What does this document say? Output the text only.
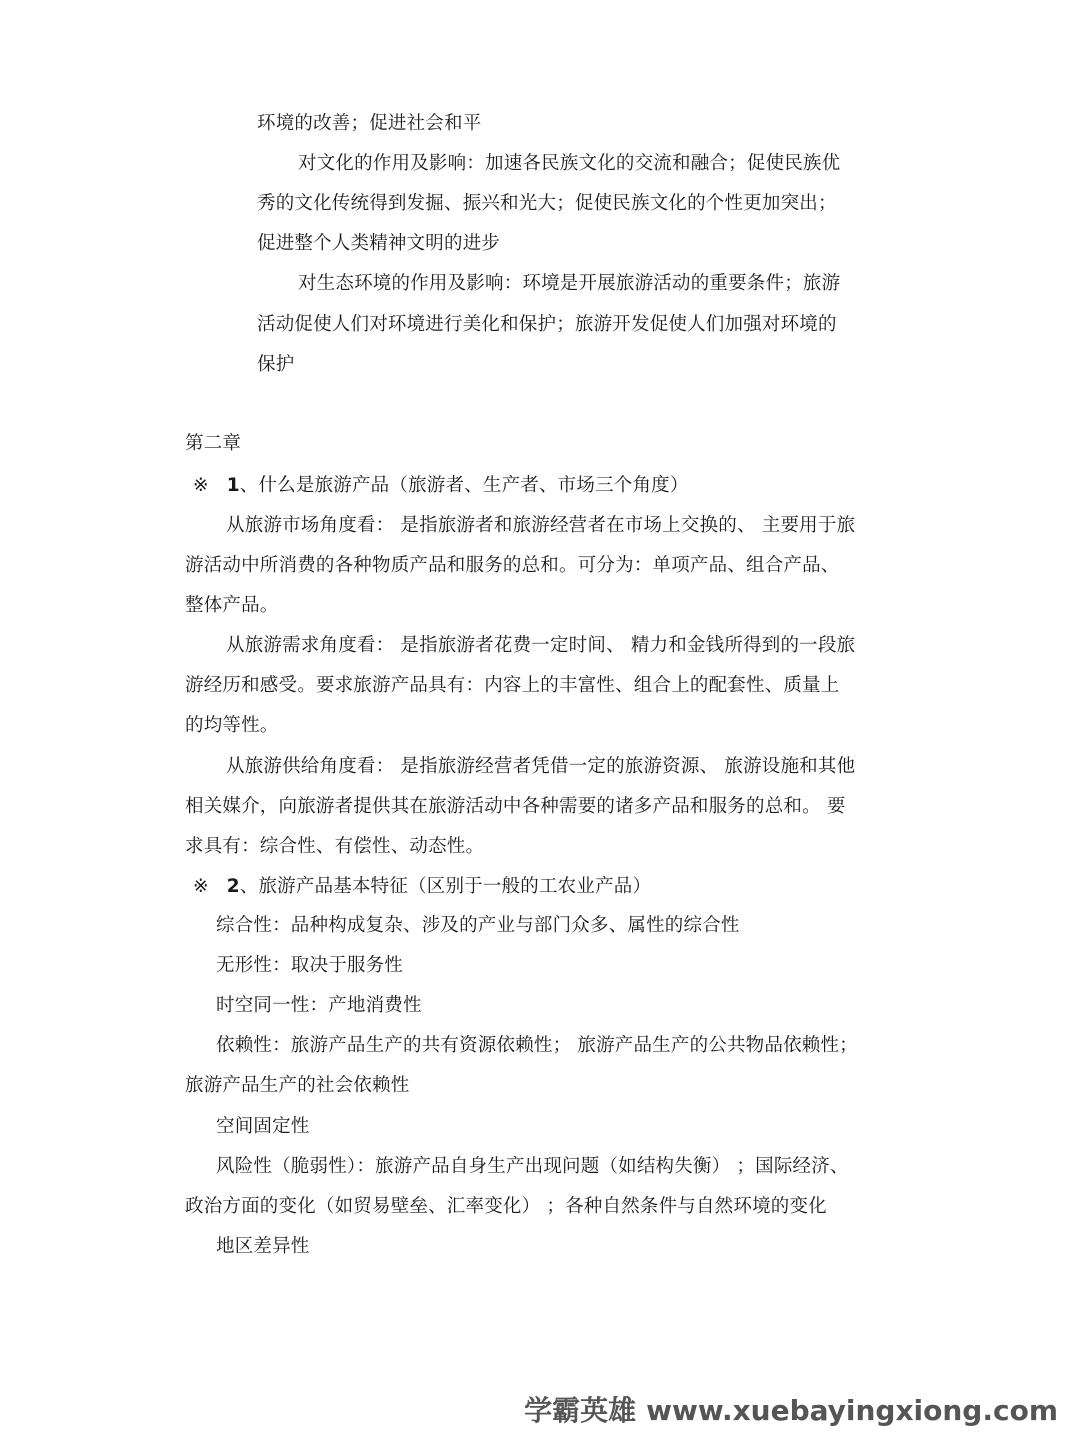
环境的改善；促进社会和平

对文化的作用及影响：加速各民族文化的交流和融合；促使民族优

秀的文化传统得到发掘、振兴和光大；促使民族文化的个性更加突出；

促进整个人类精神文明的进步

对生态环境的作用及影响：环境是开展旅游活动的重要条件；旅游

活动促使人们对环境进行美化和保护；旅游开发促使人们加强对环境的

保护

第二章

※ 1、什么是旅游产品（旅游者、生产者、市场三个角度）

从旅游市场角度看： 是指旅游者和旅游经营者在市场上交换的、 主要用于旅

游活动中所消费的各种物质产品和服务的总和。可分为：单项产品、组合产品、

整体产品。

从旅游需求角度看： 是指旅游者花费一定时间、 精力和金钱所得到的一段旅

游经历和感受。要求旅游产品具有：内容上的丰富性、组合上的配套性、质量上

的均等性。

从旅游供给角度看： 是指旅游经营者凭借一定的旅游资源、 旅游设施和其他

相关媒介，向旅游者提供其在旅游活动中各种需要的诸多产品和服务的总和。 要

求具有：综合性、有偿性、动态性。

※ 2、旅游产品基本特征（区别于一般的工农业产品）

综合性：品种构成复杂、涉及的产业与部门众多、属性的综合性

无形性：取决于服务性

时空同一性：产地消费性

依赖性：旅游产品生产的共有资源依赖性； 旅游产品生产的公共物品依赖性；

旅游产品生产的社会依赖性

空间固定性

风险性（脆弱性）：旅游产品自身生产出现问题（如结构失衡） ；国际经济、

政治方面的变化（如贸易壁垒、汇率变化） ；各种自然条件与自然环境的变化

地区差异性

学霸英雄 www.xuebayingxiong.com
